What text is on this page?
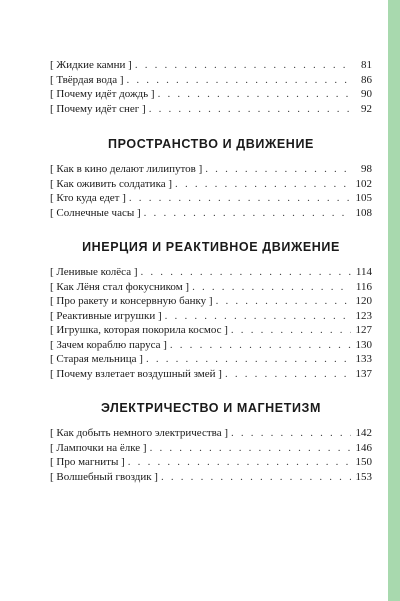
[ Жидкие камни ] . . .	81
[ Твёрдая вода ] . . .	86
[ Почему идёт дождь ] . . .	90
[ Почему идёт снег ] . . .	92
ПРОСТРАНСТВО И ДВИЖЕНИЕ
[ Как в кино делают лилипутов ] . . .	98
[ Как оживить солдатика ] . . .	102
[ Кто куда едет ] . . .	105
[ Солнечные часы ] . . .	108
ИНЕРЦИЯ И РЕАКТИВНОЕ ДВИЖЕНИЕ
[ Ленивые колёса ] . . .	114
[ Как Лёня стал фокусником ] . . .	116
[ Про ракету и консервную банку ] . . .	120
[ Реактивные игрушки ] . . .	123
[ Игрушка, которая покорила космос ] . . .	127
[ Зачем кораблю паруса ] . . .	130
[ Старая мельница ] . . .	133
[ Почему взлетает воздушный змей ] . . .	137
ЭЛЕКТРИЧЕСТВО И МАГНЕТИЗМ
[ Как добыть немного электричества ] . . .	142
[ Лампочки на ёлке ] . . .	146
[ Про магниты ] . . .	150
[ Волшебный гвоздик ] . . .	153
